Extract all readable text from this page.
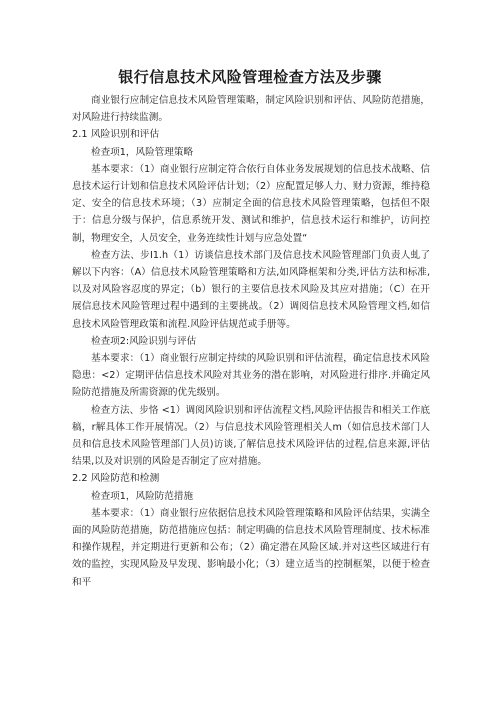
银行信息技术风险管理检查方法及步骤

商业银行应制定信息技术风险管理策略，制定风险识别和评估、风险防范措施，对风险进行持续监测。

2.1 风险识别和评估

检查项1，风险管理策略

基本要求：（1）商业银行应制定符合依行自体业务发展规划的信息技术战略、信息技术运行计划和信息技术风险评估计划；（2）应配置足够人力、财力资源，维持稳定、安全的信息技术环境；（3）应制定全面的信息技术风险管理策略，包括但不限于：信息分级与保护，信息系统开发、测试和维护，信息技术运行和维护，访问控制，物理安全，人员安全，业务连续性计划与应急处置“

检查方法、步I1.h（1）访谈信息技术部门及信息技术风险管理部门负责人虬了解以下内容：（A）信息技术风险管理策略和方法,如风降框架和分类,评估方法和标准,以及对风险容忍度的界定；（b）银行的主要信息技术风险及其应对措施；（C）在开展信息技术风险管理过程中遇到的主要挑战。（2）调阅信息技术风险管理文档,如信息技术风险管理政策和流程.风险评估规范或手册等。

检查项2:风险识别与评估

基本要求：（1）商业银行应制定持续的风险识别和评估流程，确定信息技术风险隐患：<2）定期评估信息技术风险对其业务的潜在影响，对风险进行排序.并确定风险防范措施及所需资源的优先级别。

检查方法、步恪 <1）调阅风险识别和评估流程文档,风险评估报告和相关工作底稿，r解具体工作开展情况。（2）与信息技术风险管理相关人m（如信息技术部门人员和信息技术风险管理部门人员)访谈,了解信息技术风险评估的过程,信息来源,评估结果,以及对识别的风险是否制定了应对措施。

2.2 风险防范和检测

检查项1，风险防范措施

基本要求：（1）商业银行应依据信息技术风险管理策略和风险评估结果，实满全面的风险防范措施，防范措施应包括：制定明确的信息技术风险管理制度、技术标准和操作规程，并定期进行更新和公布；（2）确定潜在风险区域.并对这些区域进行有效的监控，实现风险及早发现、影响最小化；（3）建立适当的控制框架，以便于检查和平
